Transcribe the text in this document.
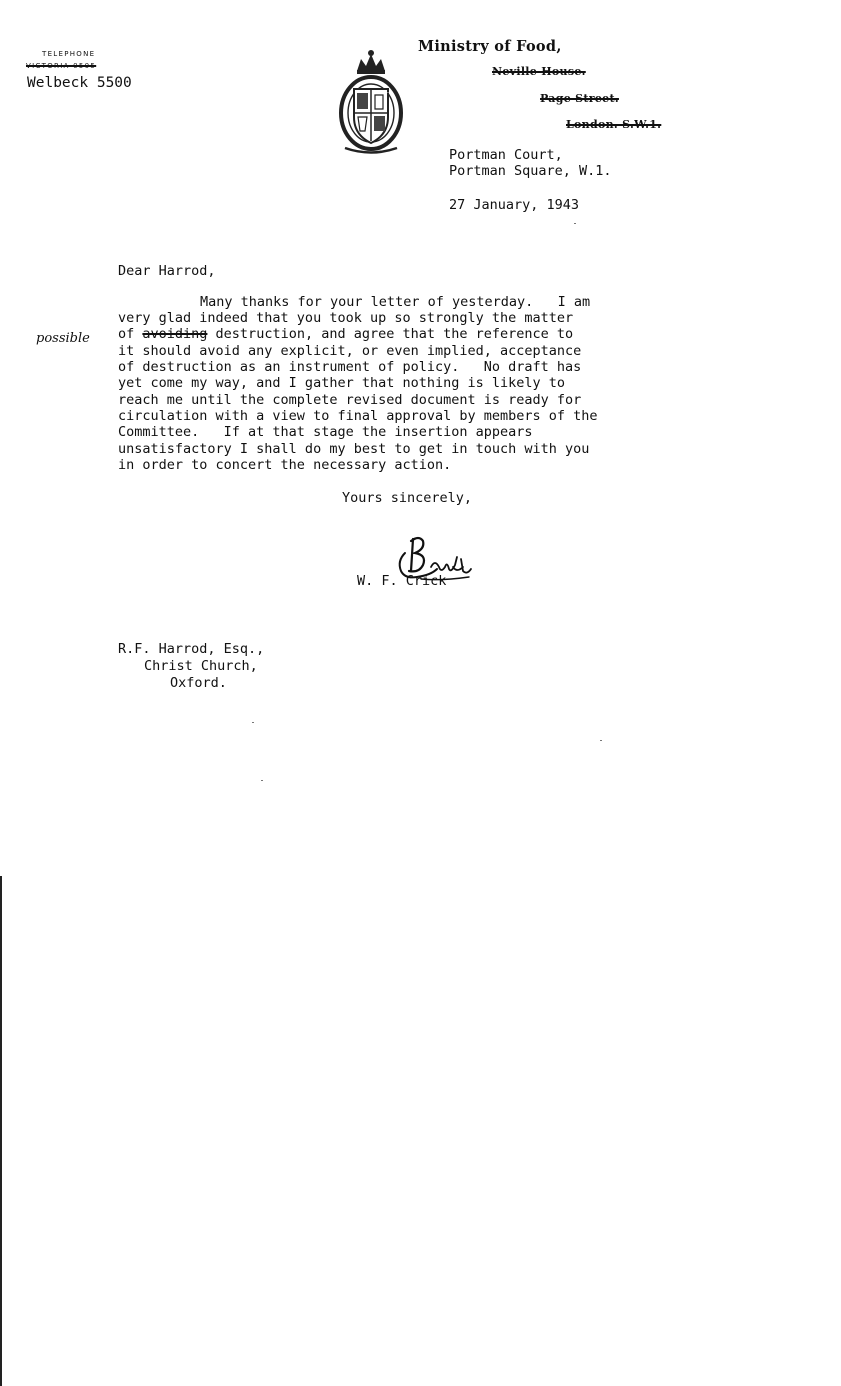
TELEPHONE
VICTORIA 0505
Welbeck 5500

Ministry of Food,
Neville House.
Page Street.
London. S.W.1.
Portman Court,
Portman Square, W.1.
27 January, 1943
Dear Harrod,
possible
Many thanks for your letter of yesterday.   I am
very glad indeed that you took up so strongly the matter
of avoiding destruction, and agree that the reference to
it should avoid any explicit, or even implied, acceptance
of destruction as an instrument of policy.   No draft has
yet come my way, and I gather that nothing is likely to
reach me until the complete revised document is ready for
circulation with a view to final approval by members of the
Committee.   If at that stage the insertion appears
unsatisfactory I shall do my best to get in touch with you
in order to concert the necessary action.
Yours sincerely,

W. F. Crick
R.F. Harrod, Esq.,
Christ Church,
Oxford.
